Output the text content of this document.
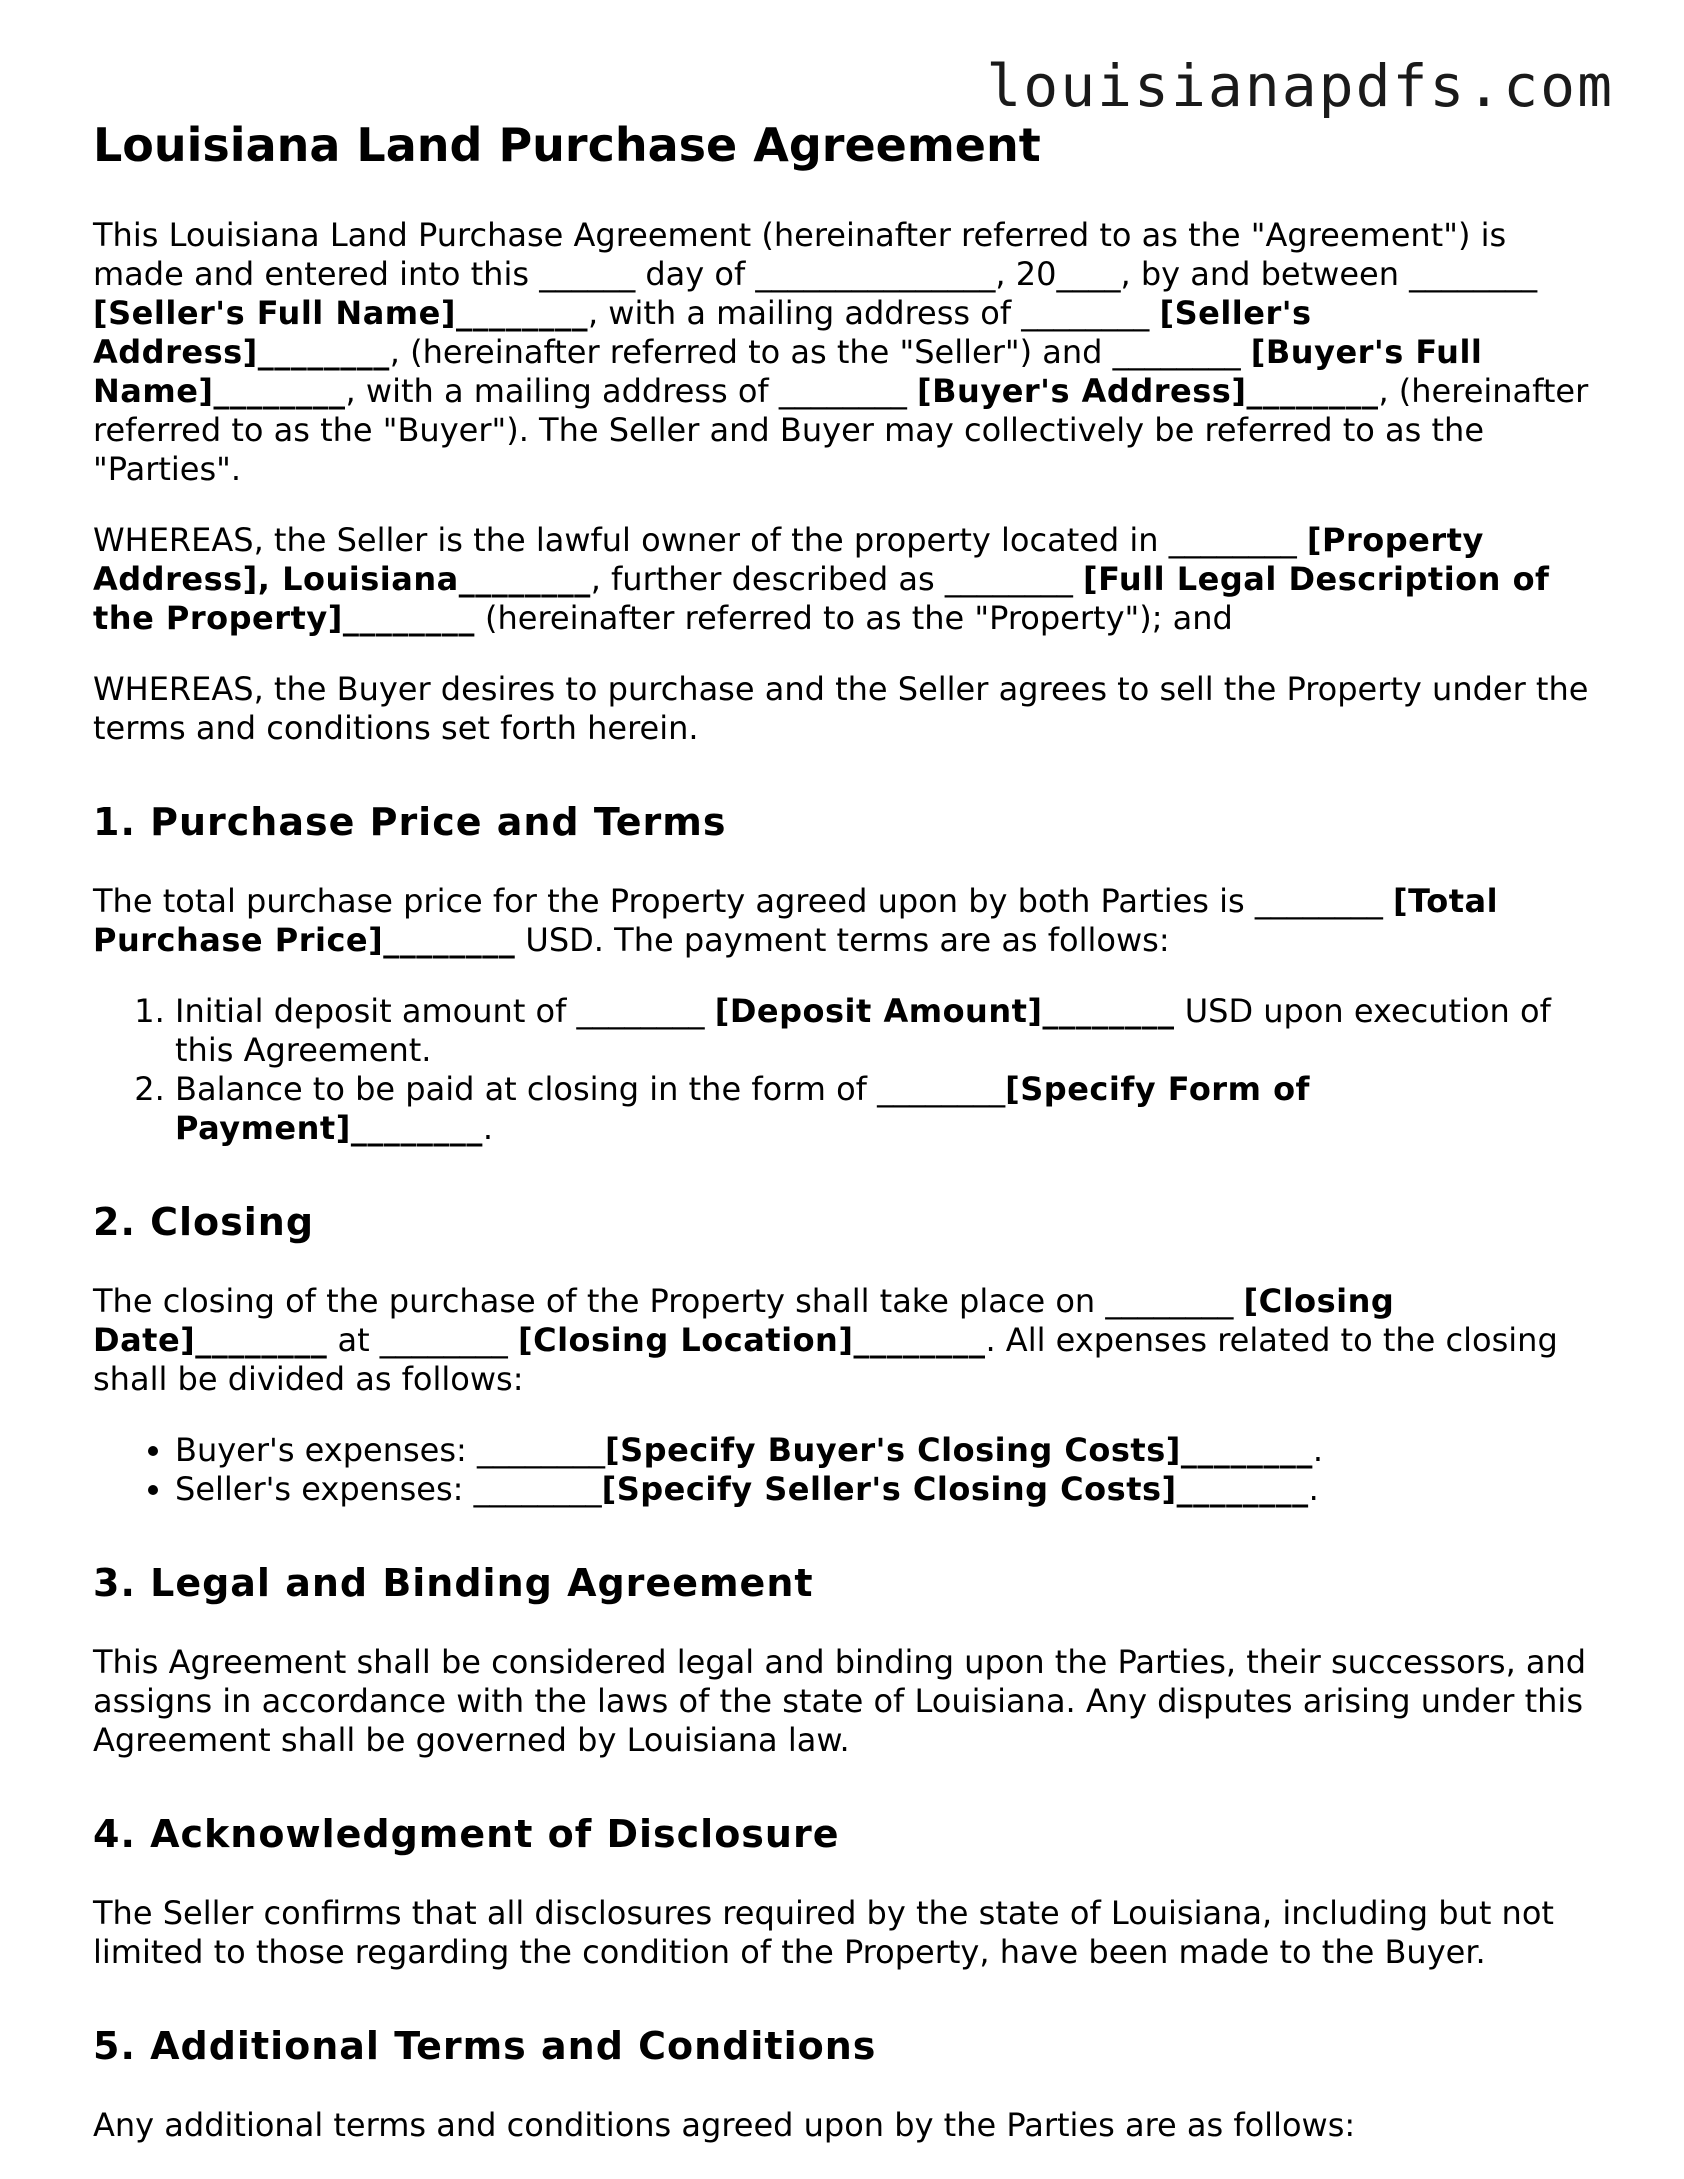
louisianapdfs.com
Louisiana Land Purchase Agreement

This Louisiana Land Purchase Agreement (hereinafter referred to as the "Agreement") is made and entered into this ______ day of _______________, 20____, by and between ________ [Seller's Full Name]________, with a mailing address of ________ [Seller's Address]________, (hereinafter referred to as the "Seller") and ________ [Buyer's Full Name]________, with a mailing address of ________ [Buyer's Address]________, (hereinafter referred to as the "Buyer"). The Seller and Buyer may collectively be referred to as the "Parties".

WHEREAS, the Seller is the lawful owner of the property located in ________ [Property Address], Louisiana________, further described as ________ [Full Legal Description of the Property]________ (hereinafter referred to as the "Property"); and

WHEREAS, the Buyer desires to purchase and the Seller agrees to sell the Property under the terms and conditions set forth herein.

1. Purchase Price and Terms

The total purchase price for the Property agreed upon by both Parties is ________ [Total Purchase Price]________ USD. The payment terms are as follows:

1. Initial deposit amount of ________ [Deposit Amount]________ USD upon execution of this Agreement.
2. Balance to be paid at closing in the form of ________[Specify Form of Payment]________.
2. Closing

The closing of the purchase of the Property shall take place on ________ [Closing Date]________ at ________ [Closing Location]________. All expenses related to the closing shall be divided as follows:

• Buyer's expenses: ________[Specify Buyer's Closing Costs]________.
• Seller's expenses: ________[Specify Seller's Closing Costs]________.
3. Legal and Binding Agreement

This Agreement shall be considered legal and binding upon the Parties, their successors, and assigns in accordance with the laws of the state of Louisiana. Any disputes arising under this Agreement shall be governed by Louisiana law.

4. Acknowledgment of Disclosure

The Seller confirms that all disclosures required by the state of Louisiana, including but not limited to those regarding the condition of the Property, have been made to the Buyer.

5. Additional Terms and Conditions

Any additional terms and conditions agreed upon by the Parties are as follows:
